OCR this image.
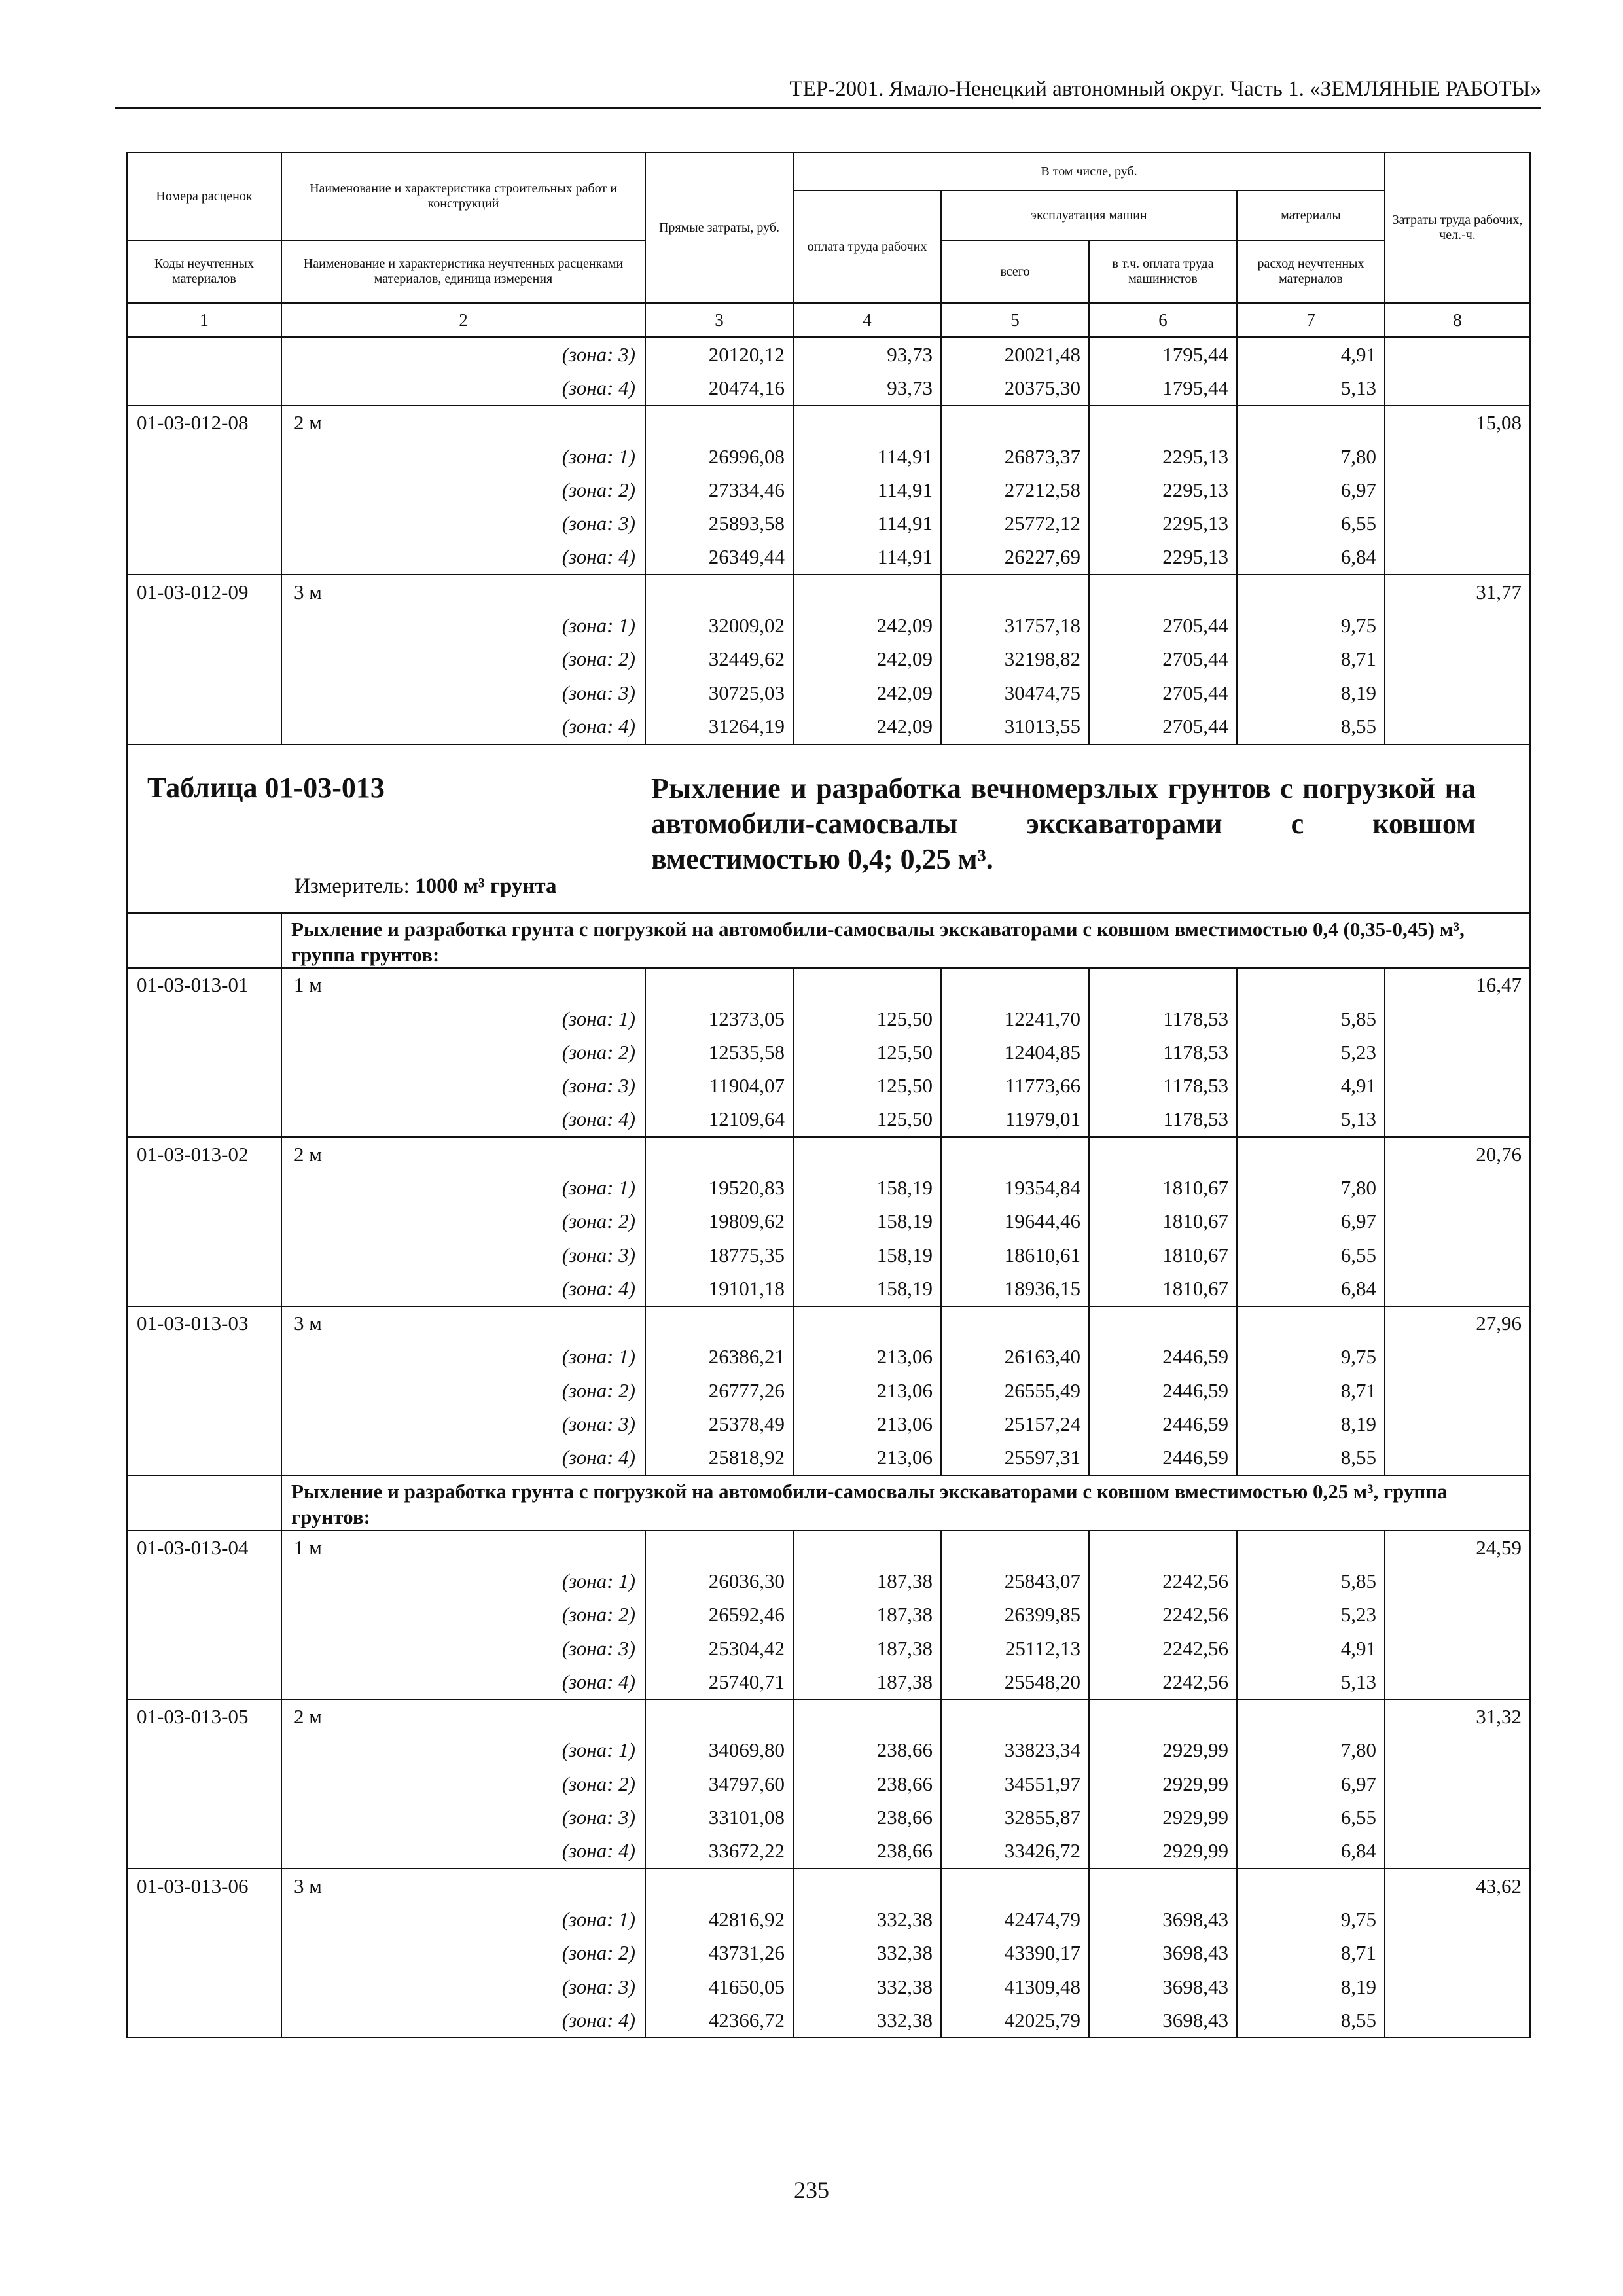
ТЕР-2001. Ямало-Ненецкий автономный округ. Часть 1. «ЗЕМЛЯНЫЕ РАБОТЫ»
Номера расценок	Наименование и характеристика строительных работ и конструкций	Прямые затраты, руб.	В том числе, руб.				Затраты труда рабочих, чел.-ч.
			оплата труда рабочих	эксплуатация машин		материалы	
Коды неучтенных материалов	Наименование и характеристика неучтенных расценками материалов, единица измерения			всего	в т.ч. оплата труда машинистов	расход неучтенных материалов	
1	2	3	4	5	6	7	8
	(зона: 3)	20120,12	93,73	20021,48	1795,44	4,91	
	(зона: 4)	20474,16	93,73	20375,30	1795,44	5,13	
01-03-012-08	2 м						15,08
	(зона: 1)	26996,08	114,91	26873,37	2295,13	7,80	
	(зона: 2)	27334,46	114,91	27212,58	2295,13	6,97	
	(зона: 3)	25893,58	114,91	25772,12	2295,13	6,55	
	(зона: 4)	26349,44	114,91	26227,69	2295,13	6,84	
01-03-012-09	3 м						31,77
	(зона: 1)	32009,02	242,09	31757,18	2705,44	9,75	
	(зона: 2)	32449,62	242,09	32198,82	2705,44	8,71	
	(зона: 3)	30725,03	242,09	30474,75	2705,44	8,19	
	(зона: 4)	31264,19	242,09	31013,55	2705,44	8,55	

Таблица 01-03-013 Рыхление и разработка вечномерзлых грунтов с погрузкой на автомобили-самосвалы экскаваторами с ковшом вместимостью 0,4; 0,25 м³.
Измеритель: 1000 м³ грунта							

	Рыхление и разработка грунта с погрузкой на автомобили-самосвалы экскаваторами с ковшом вместимостью 0,4 (0,35-0,45) м³, группа грунтов:						
01-03-013-01	1 м						16,47
	(зона: 1)	12373,05	125,50	12241,70	1178,53	5,85	
	(зона: 2)	12535,58	125,50	12404,85	1178,53	5,23	
	(зона: 3)	11904,07	125,50	11773,66	1178,53	4,91	
	(зона: 4)	12109,64	125,50	11979,01	1178,53	5,13	
01-03-013-02	2 м						20,76
	(зона: 1)	19520,83	158,19	19354,84	1810,67	7,80	
	(зона: 2)	19809,62	158,19	19644,46	1810,67	6,97	
	(зона: 3)	18775,35	158,19	18610,61	1810,67	6,55	
	(зона: 4)	19101,18	158,19	18936,15	1810,67	6,84	
01-03-013-03	3 м						27,96
	(зона: 1)	26386,21	213,06	26163,40	2446,59	9,75	
	(зона: 2)	26777,26	213,06	26555,49	2446,59	8,71	
	(зона: 3)	25378,49	213,06	25157,24	2446,59	8,19	
	(зона: 4)	25818,92	213,06	25597,31	2446,59	8,55	
	Рыхление и разработка грунта с погрузкой на автомобили-самосвалы экскаваторами с ковшом вместимостью 0,25 м³, группа грунтов:						
01-03-013-04	1 м						24,59
	(зона: 1)	26036,30	187,38	25843,07	2242,56	5,85	
	(зона: 2)	26592,46	187,38	26399,85	2242,56	5,23	
	(зона: 3)	25304,42	187,38	25112,13	2242,56	4,91	
	(зона: 4)	25740,71	187,38	25548,20	2242,56	5,13	
01-03-013-05	2 м						31,32
	(зона: 1)	34069,80	238,66	33823,34	2929,99	7,80	
	(зона: 2)	34797,60	238,66	34551,97	2929,99	6,97	
	(зона: 3)	33101,08	238,66	32855,87	2929,99	6,55	
	(зона: 4)	33672,22	238,66	33426,72	2929,99	6,84	
01-03-013-06	3 м						43,62
	(зона: 1)	42816,92	332,38	42474,79	3698,43	9,75	
	(зона: 2)	43731,26	332,38	43390,17	3698,43	8,71	
	(зона: 3)	41650,05	332,38	41309,48	3698,43	8,19	
	(зона: 4)	42366,72	332,38	42025,79	3698,43	8,55	
235
